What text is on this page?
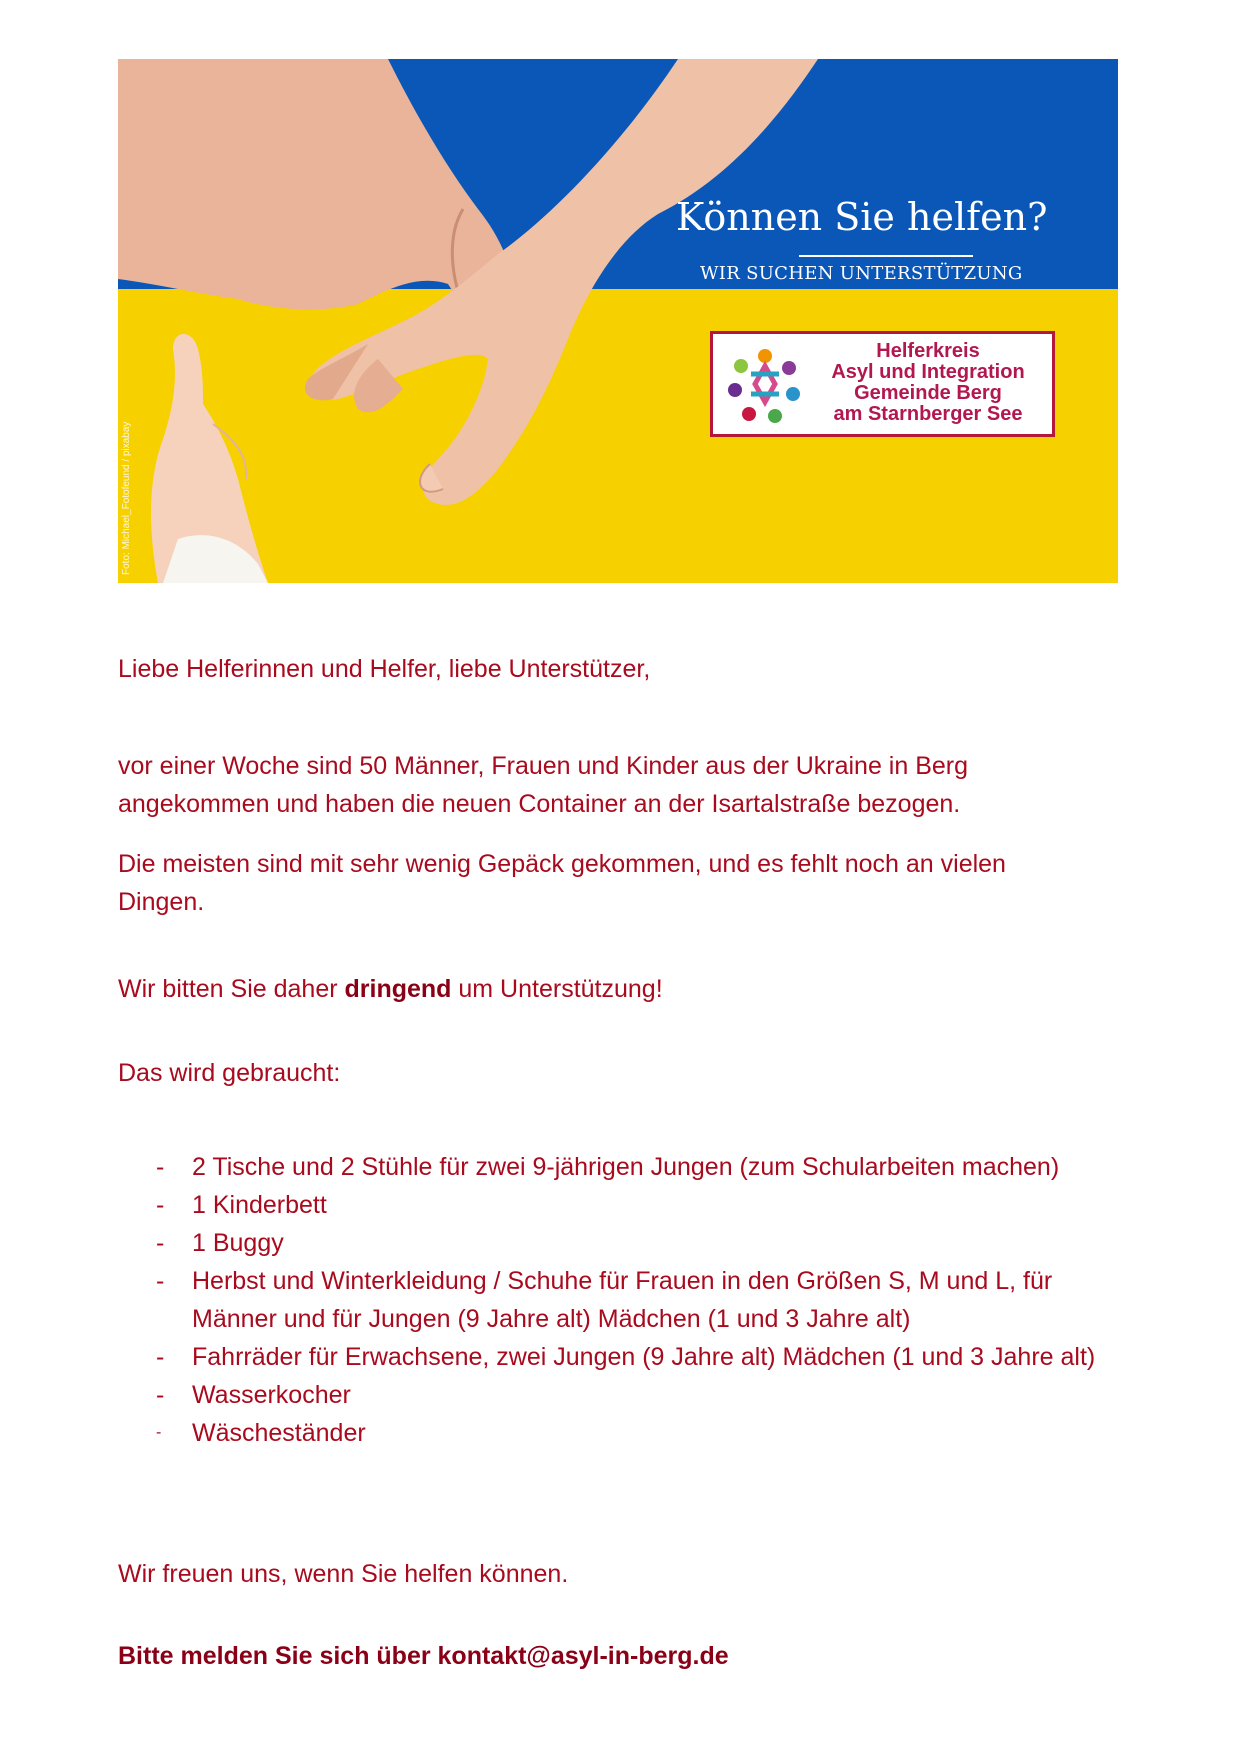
Foto: Michael_Fotofeund / pixabay
Können Sie helfen?
WIR SUCHEN UNTERSTÜTZUNG
Helferkreis
Asyl und Integration
Gemeinde Berg
am Starnberger See
Liebe Helferinnen und Helfer, liebe Unterstützer,
vor einer Woche sind 50 Männer, Frauen und Kinder aus der Ukraine in Berg angekommen und haben die neuen Container an der Isartalstraße bezogen.
Die meisten sind mit sehr wenig Gepäck gekommen, und es fehlt noch an vielen Dingen.
Wir bitten Sie daher dringend um Unterstützung!
Das wird gebraucht:
- 2 Tische und 2 Stühle für zwei 9-jährigen Jungen (zum Schularbeiten machen)
- 1 Kinderbett
- 1 Buggy
- Herbst und Winterkleidung / Schuhe für Frauen in den Größen S, M und L, für Männer und für Jungen (9 Jahre alt) Mädchen (1 und 3 Jahre alt)
- Fahrräder für Erwachsene, zwei Jungen (9 Jahre alt) Mädchen (1 und 3 Jahre alt)
- Wasserkocher
- Wäscheständer
Wir freuen uns, wenn Sie helfen können.
Bitte melden Sie sich über kontakt@asyl-in-berg.de
